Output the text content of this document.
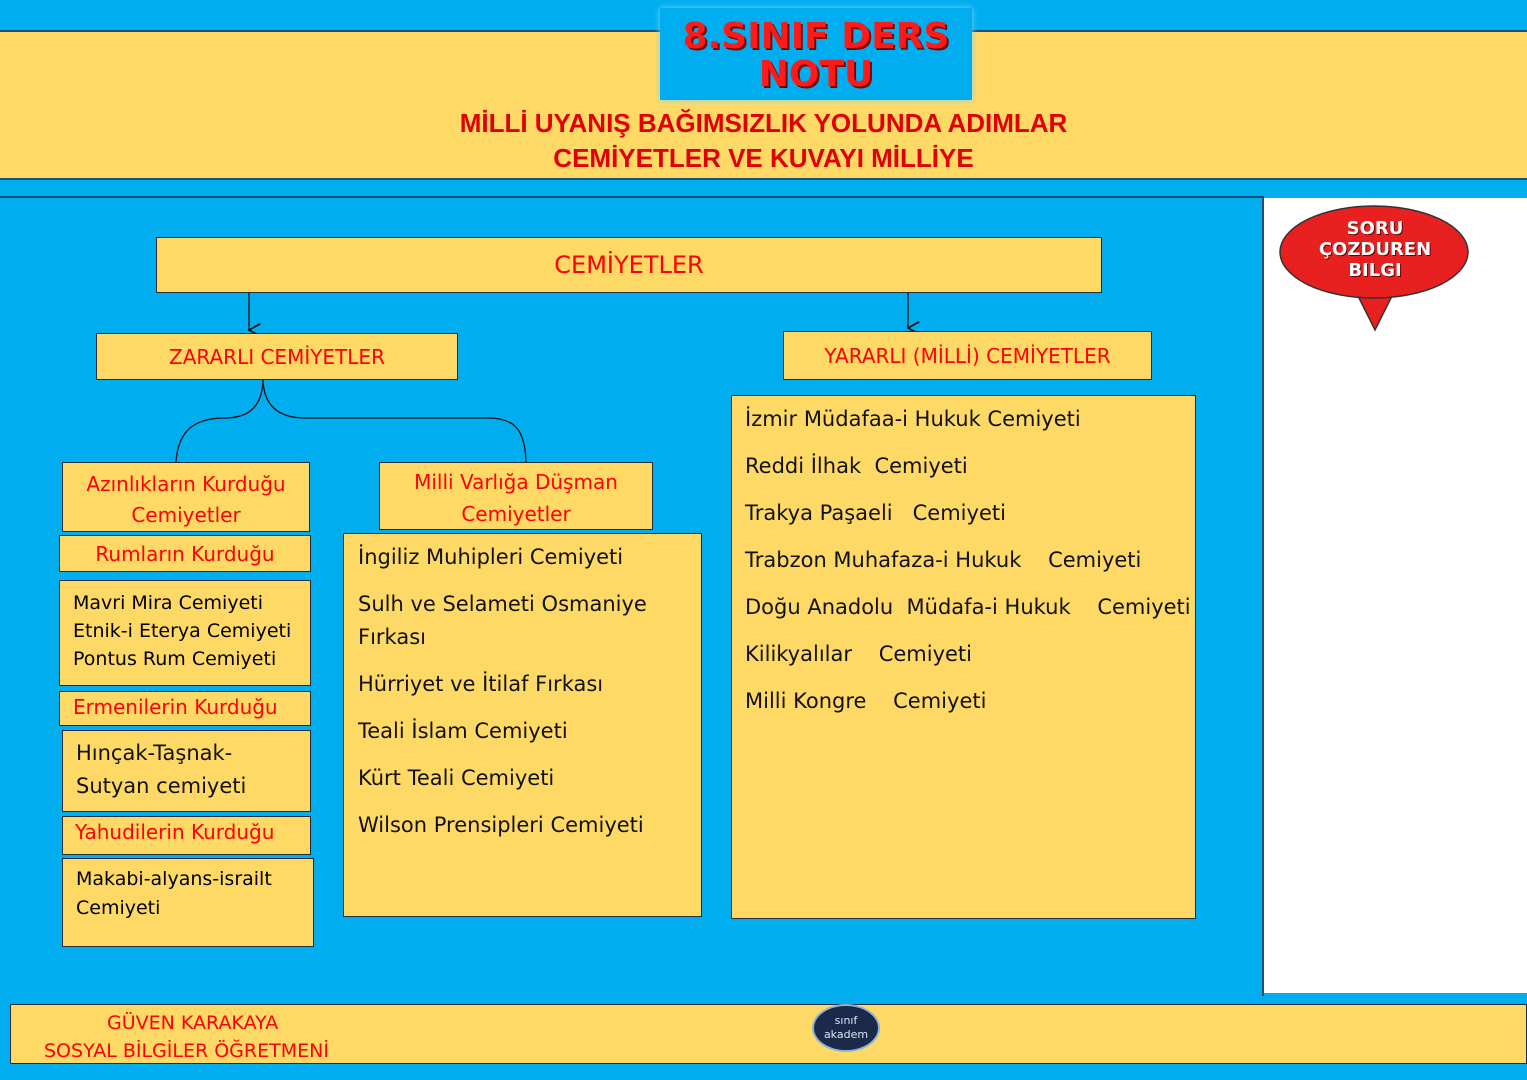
8.SINIF DERS
NOTU
MİLLİ UYANIŞ BAĞIMSIZLIK YOLUNDA ADIMLAR
CEMİYETLER VE KUVAYI MİLLİYE
CEMİYETLER
ZARARLI CEMİYETLER	YARARLI (MİLLİ) CEMİYETLER
Azınlıkların Kurduğu
Cemiyetler
Rumların Kurduğu
Mavri Mira Cemiyeti
Etnik-i Eterya Cemiyeti
Pontus Rum Cemiyeti
Ermenilerin Kurduğu
Hınçak-Taşnak-
Sutyan cemiyeti
Yahudilerin Kurduğu
Makabi-alyans-israilt
Cemiyeti
Milli Varlığa Düşman
Cemiyetler
İngiliz Muhipleri Cemiyeti
Sulh ve Selameti Osmaniye
Fırkası
Hürriyet ve İtilaf Fırkası
Teali İslam Cemiyeti
Kürt Teali Cemiyeti
Wilson Prensipleri Cemiyeti
İzmir Müdafaa-i Hukuk Cemiyeti
Reddi İlhak  Cemiyeti
Trakya Paşaeli   Cemiyeti
Trabzon Muhafaza-i Hukuk    Cemiyeti
Doğu Anadolu  Müdafa-i Hukuk    Cemiyeti
Kilikyalılar    Cemiyeti
Milli Kongre    Cemiyeti
SORU
ÇOZDUREN
BILGI
GÜVEN KARAKAYA
SOSYAL BİLGİLER ÖĞRETMENİ
sınıf
akadem
